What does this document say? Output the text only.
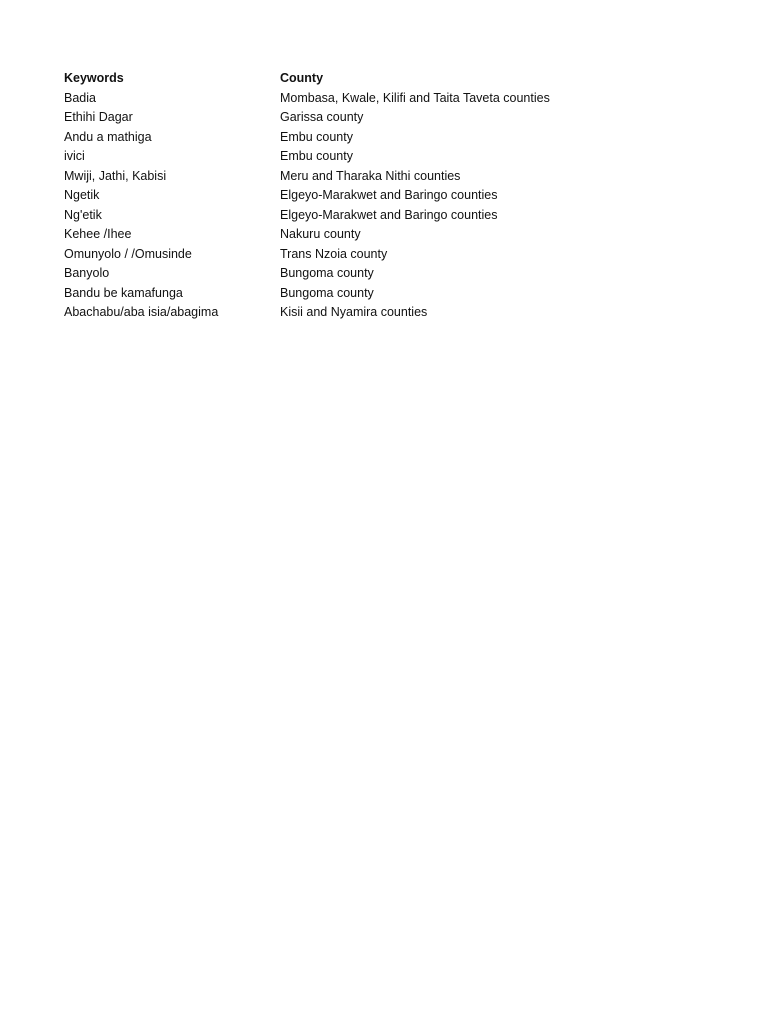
Keywords	County
Badia	Mombasa, Kwale, Kilifi and Taita Taveta counties
Ethihi Dagar	Garissa county
Andu a mathiga	Embu county
ivici	Embu county
Mwiji, Jathi, Kabisi	Meru and Tharaka Nithi counties
Ngetik	Elgeyo-Marakwet and Baringo counties
Ng'etik	Elgeyo-Marakwet and Baringo counties
Kehee /Ihee	Nakuru county
Omunyolo / /Omusinde	Trans Nzoia county
Banyolo	Bungoma county
Bandu be kamafunga	Bungoma county
Abachabu/aba isia/abagima	Kisii and Nyamira counties
